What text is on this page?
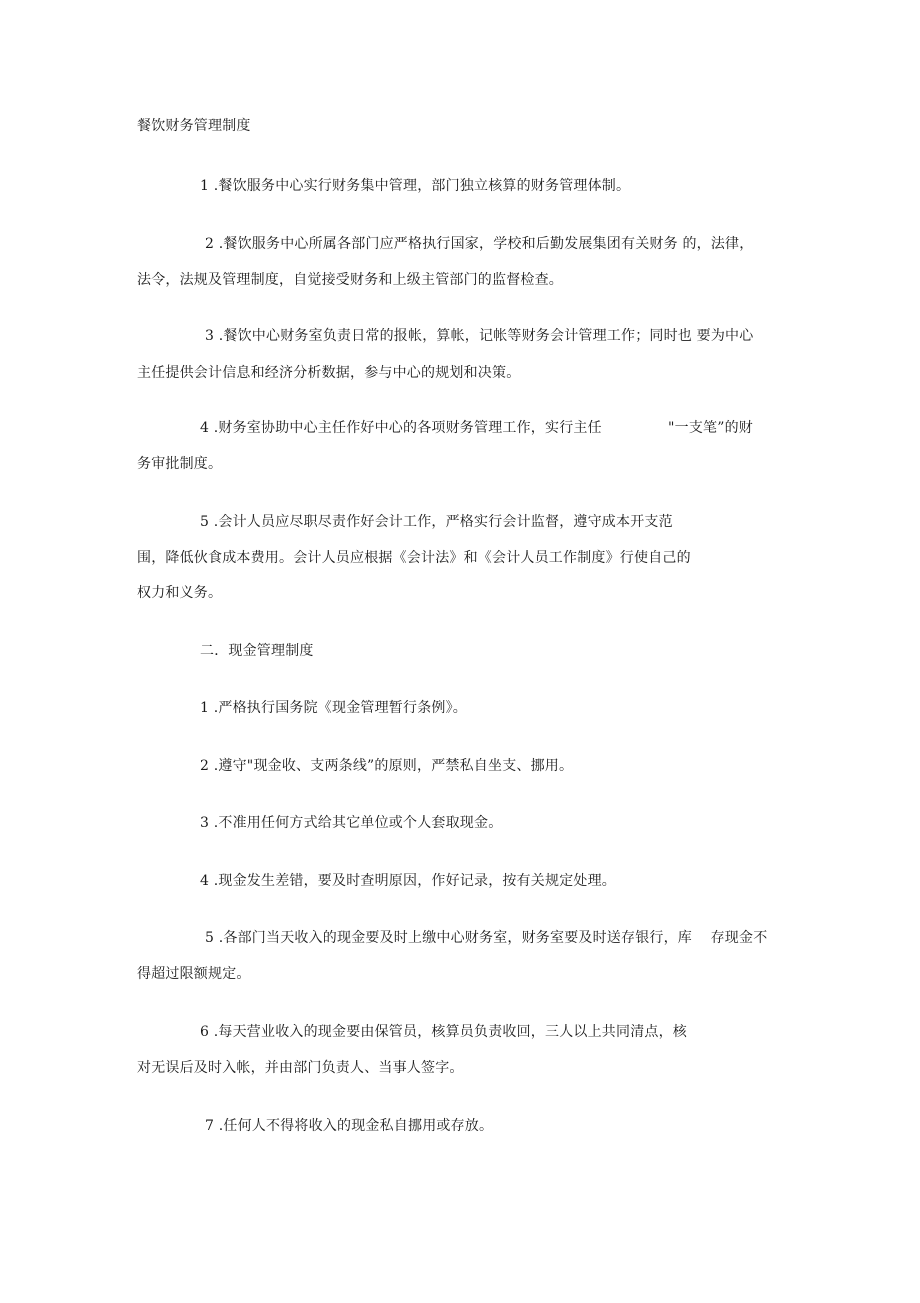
餐饮财务管理制度
1 .餐饮服务中心实行财务集中管理，部门独立核算的财务管理体制。
2 .餐饮服务中心所属各部门应严格执行国家，学校和后勤发展集团有关财务 的，法律，
法令，法规及管理制度，自觉接受财务和上级主管部门的监督检查。
3 .餐饮中心财务室负责日常的报帐，算帐，记帐等财务会计管理工作；同时也 要为中心
主任提供会计信息和经济分析数据，参与中心的规划和决策。
4 .财务室协助中心主任作好中心的各项财务管理工作，实行主任	"一支笔”的财
务审批制度。
5 .会计人员应尽职尽责作好会计工作，严格实行会计监督，遵守成本开支范
围，降低伙食成本费用。会计人员应根据《会计法》和《会计人员工作制度》行使自己的
权力和义务。
二．现金管理制度
1 .严格执行国务院《现金管理暂行条例》。
2 .遵守"现金收、支两条线”的原则，严禁私自坐支、挪用。
3 .不准用任何方式给其它单位或个人套取现金。
4 .现金发生差错，要及时查明原因，作好记录，按有关规定处理。
5 .各部门当天收入的现金要及时上缴中心财务室，财务室要及时送存银行，库    存现金不
得超过限额规定。
6 .每天营业收入的现金要由保管员，核算员负责收回，三人以上共同清点，核
对无误后及时入帐，并由部门负责人、当事人签字。
7 .任何人不得将收入的现金私自挪用或存放。
